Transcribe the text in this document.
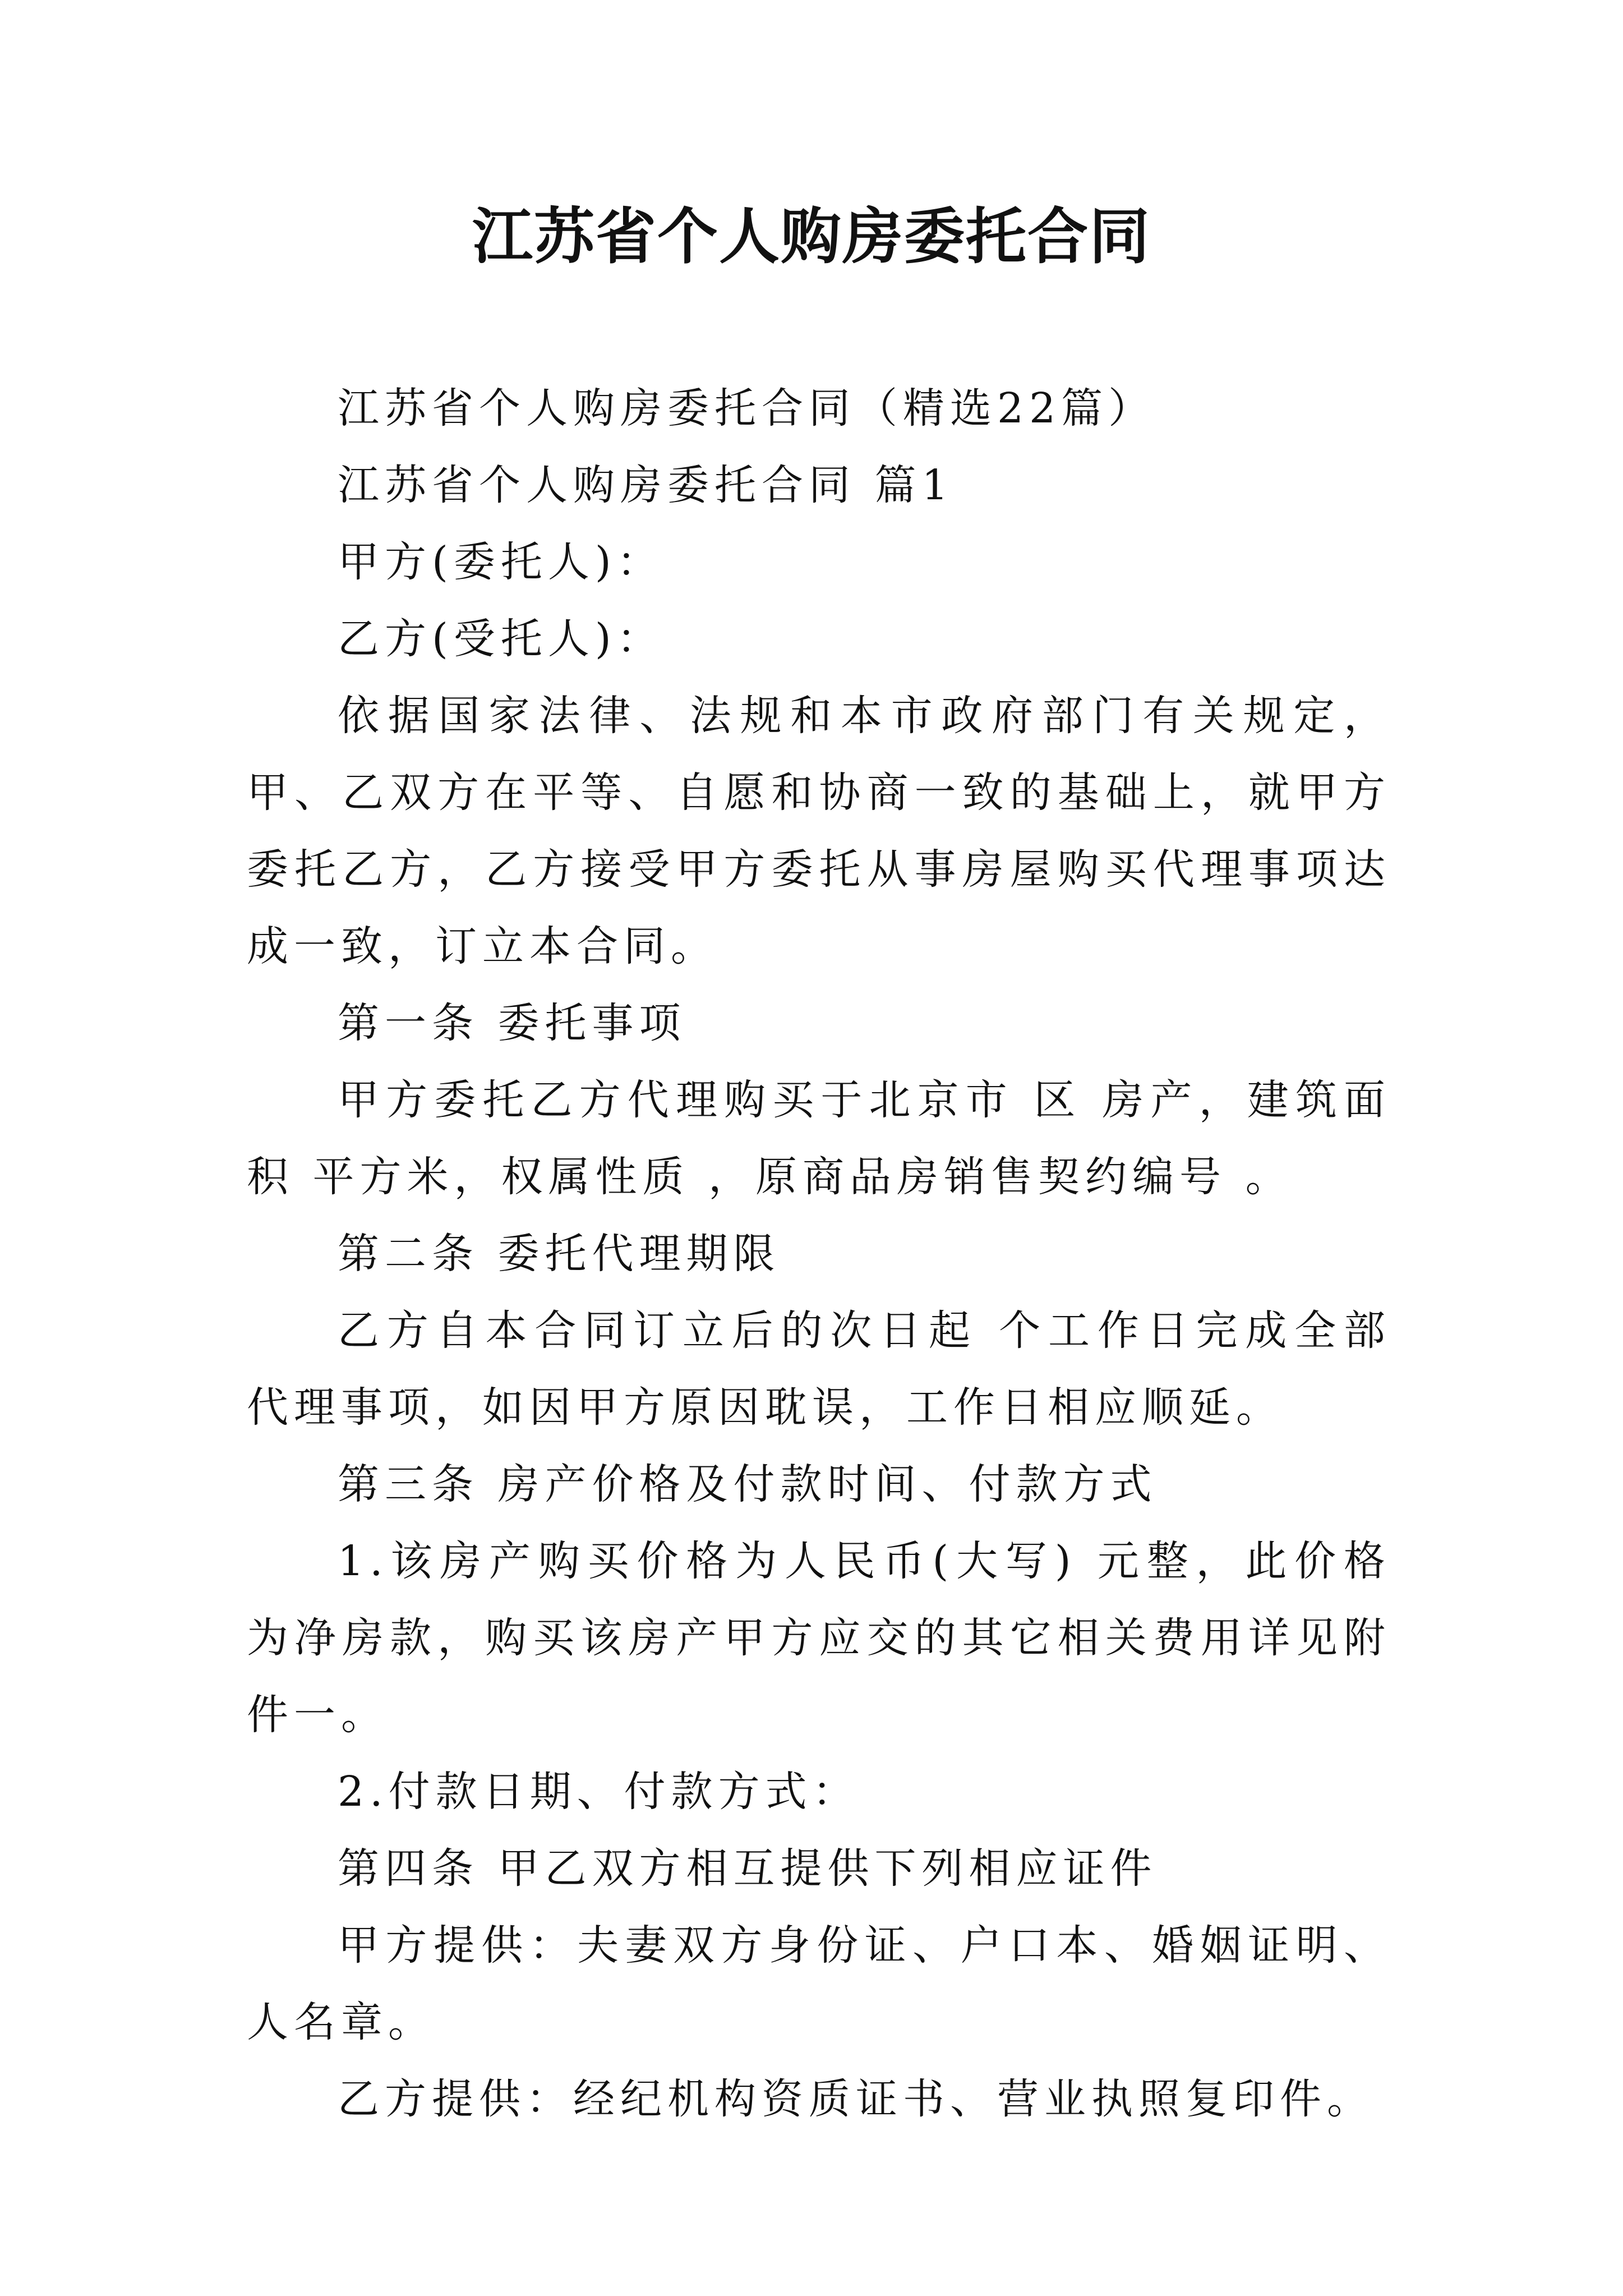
江苏省个人购房委托合同

江苏省个人购房委托合同（精选22篇）

江苏省个人购房委托合同 篇1

甲方(委托人)：

乙方(受托人)：

依据国家法律、法规和本市政府部门有关规定，甲、乙双方在平等、自愿和协商一致的基础上，就甲方委托乙方，乙方接受甲方委托从事房屋购买代理事项达成一致，订立本合同。

第一条 委托事项

甲方委托乙方代理购买于北京市 区 房产，建筑面积 平方米，权属性质 ，原商品房销售契约编号 。

第二条 委托代理期限

乙方自本合同订立后的次日起 个工作日完成全部代理事项，如因甲方原因耽误，工作日相应顺延。

第三条 房产价格及付款时间、付款方式

1.该房产购买价格为人民币(大写) 元整，此价格为净房款，购买该房产甲方应交的其它相关费用详见附件一。

2.付款日期、付款方式：

第四条 甲乙双方相互提供下列相应证件

甲方提供：夫妻双方身份证、户口本、婚姻证明、人名章。

乙方提供：经纪机构资质证书、营业执照复印件。
